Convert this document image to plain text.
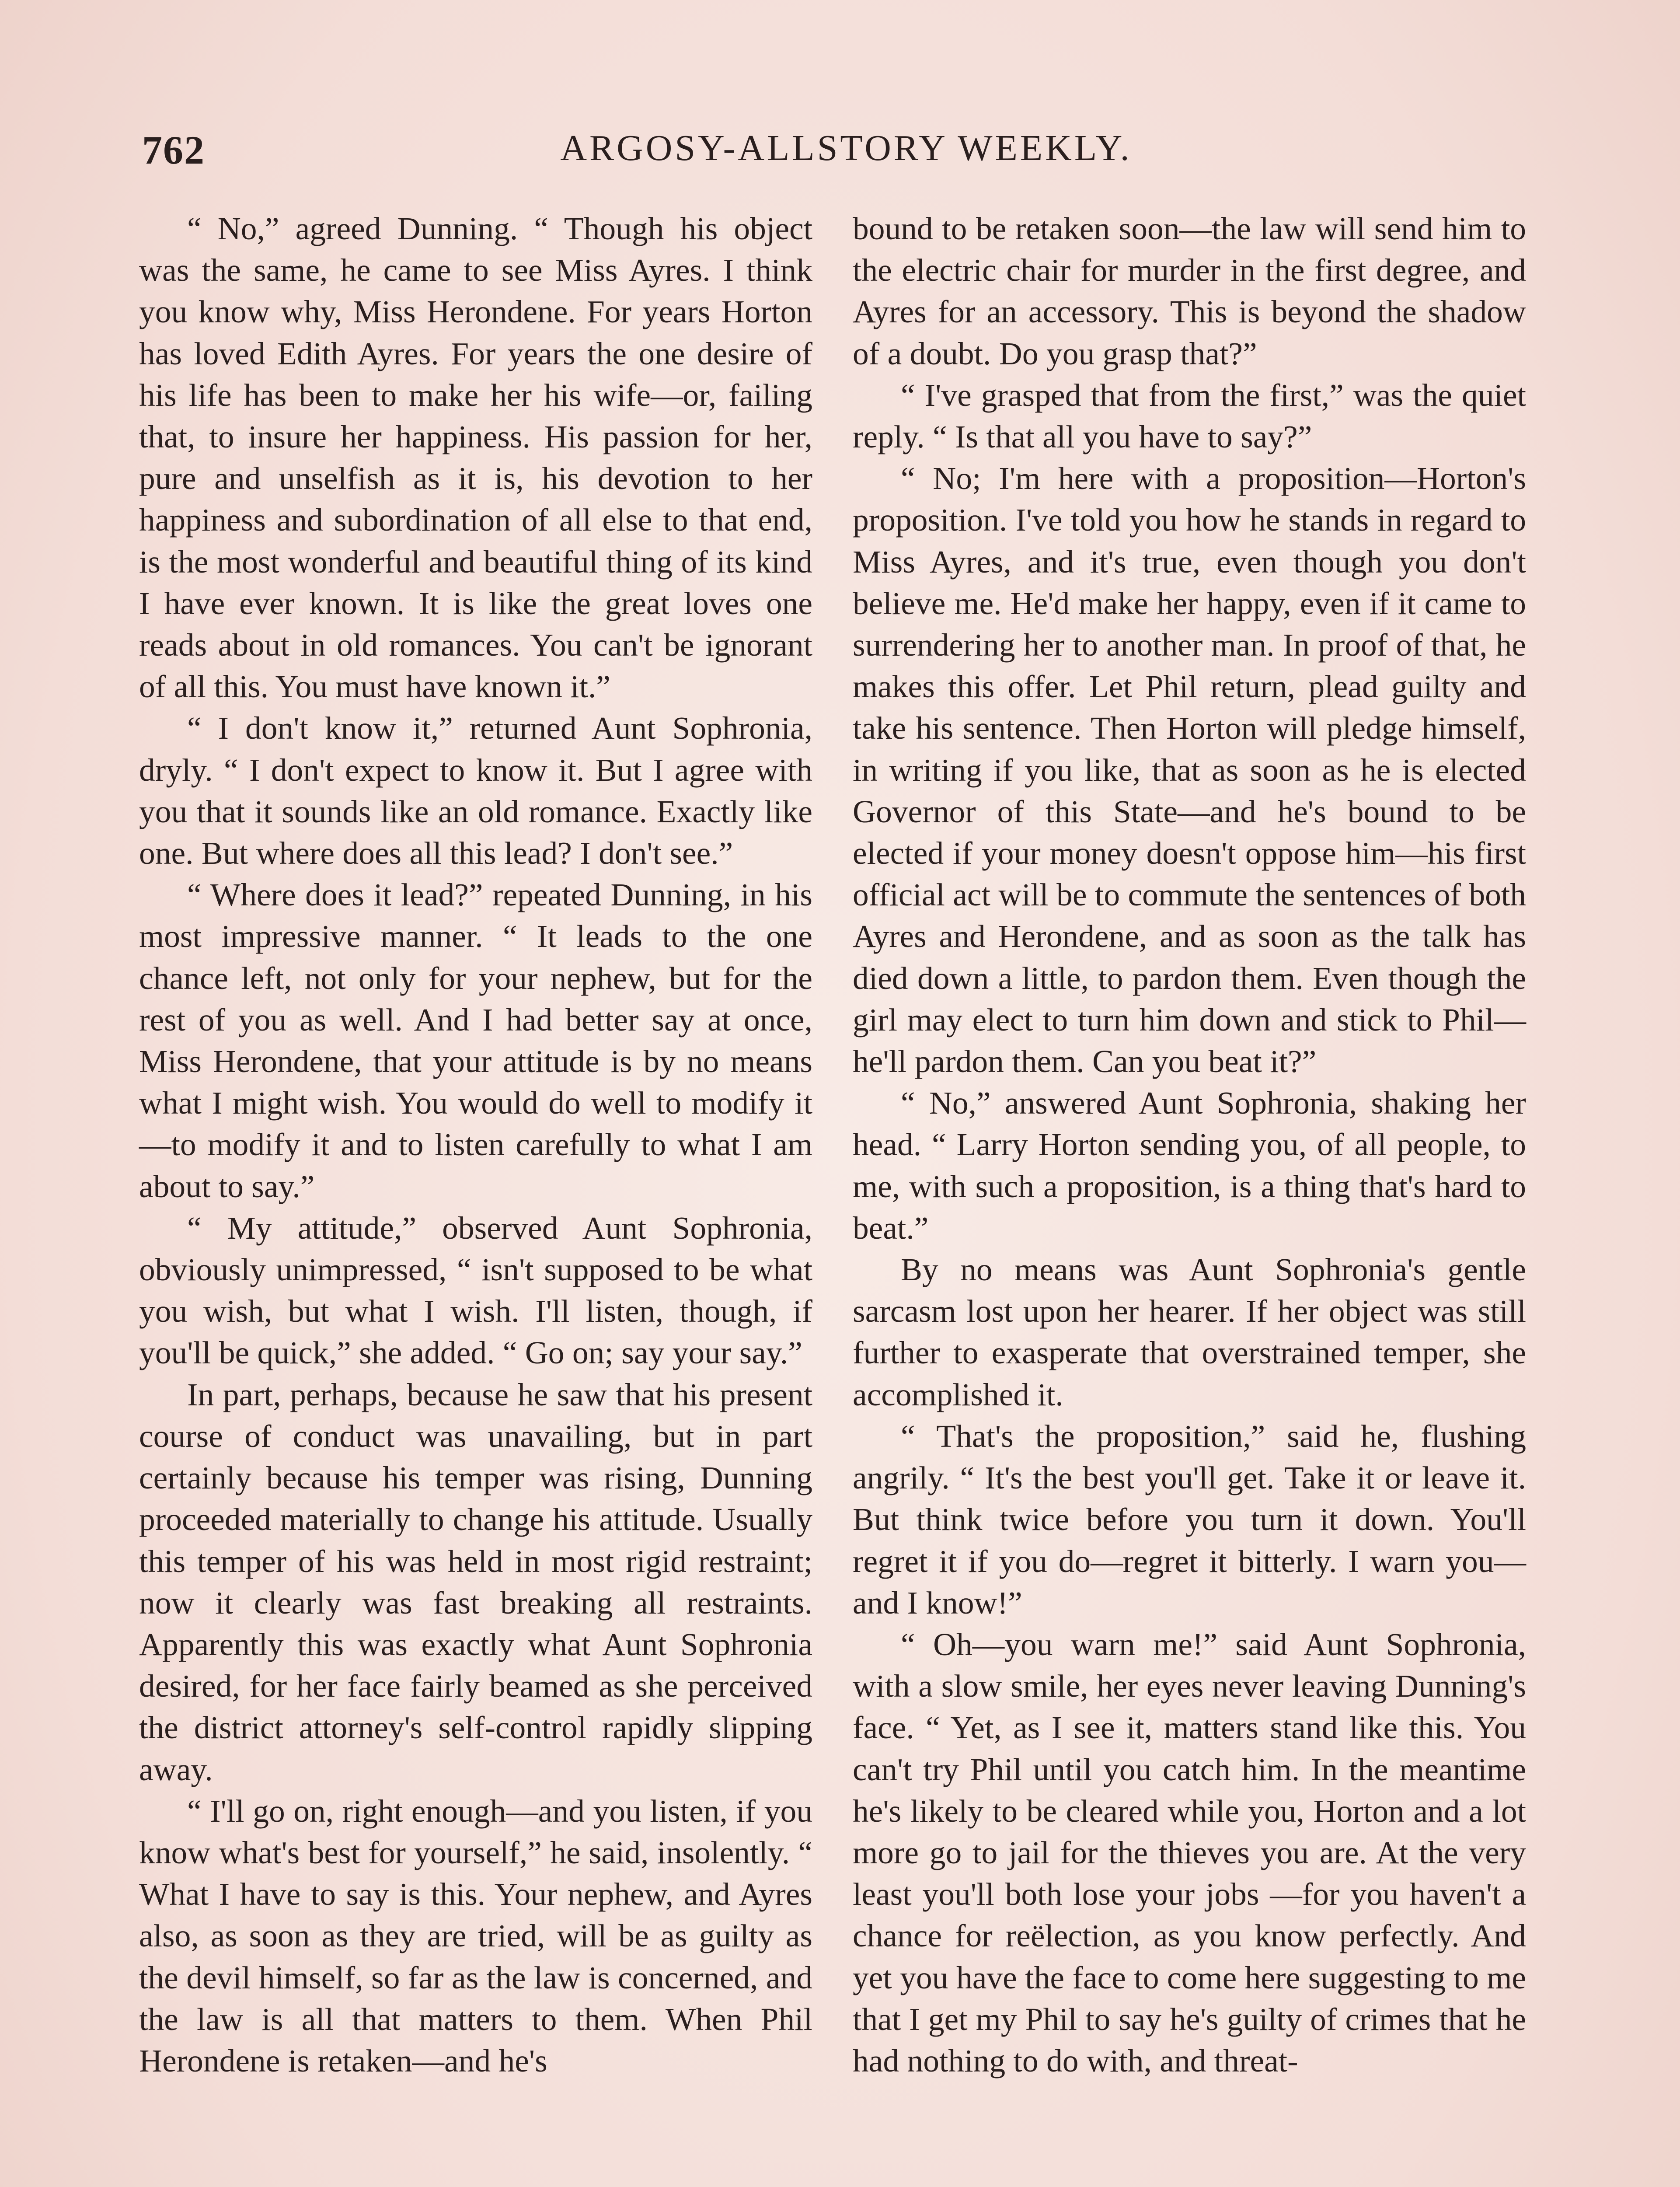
762	ARGOSY-ALLSTORY WEEKLY.

“ No,” agreed Dunning. “ Though his object was the same, he came to see Miss Ayres. I think you know why, Miss Herondene. For years Horton has loved Edith Ayres. For years the one desire of his life has been to make her his wife—or, failing that, to insure her happiness. His passion for her, pure and unselfish as it is, his devotion to her happiness and subordination of all else to that end, is the most wonderful and beautiful thing of its kind I have ever known. It is like the great loves one reads about in old romances. You can't be ignorant of all this. You must have known it.”

“ I don't know it,” returned Aunt Sophronia, dryly. “ I don't expect to know it. But I agree with you that it sounds like an old romance. Exactly like one. But where does all this lead? I don't see.”

“ Where does it lead?” repeated Dunning, in his most impressive manner. “ It leads to the one chance left, not only for your nephew, but for the rest of you as well. And I had better say at once, Miss Herondene, that your attitude is by no means what I might wish. You would do well to modify it—to modify it and to listen carefully to what I am about to say.”

“ My attitude,” observed Aunt Sophronia, obviously unimpressed, “ isn't supposed to be what you wish, but what I wish. I'll listen, though, if you'll be quick,” she added. “ Go on; say your say.”

In part, perhaps, because he saw that his present course of conduct was unavailing, but in part certainly because his temper was rising, Dunning proceeded materially to change his attitude. Usually this temper of his was held in most rigid restraint; now it clearly was fast breaking all restraints. Apparently this was exactly what Aunt Sophronia desired, for her face fairly beamed as she perceived the district attorney's self-control rapidly slipping away.

“ I'll go on, right enough—and you listen, if you know what's best for yourself,” he said, insolently. “ What I have to say is this. Your nephew, and Ayres also, as soon as they are tried, will be as guilty as the devil himself, so far as the law is concerned, and the law is all that matters to them. When Phil Herondene is retaken—and he's

bound to be retaken soon—the law will send him to the electric chair for murder in the first degree, and Ayres for an accessory. This is beyond the shadow of a doubt. Do you grasp that?”

“ I've grasped that from the first,” was the quiet reply. “ Is that all you have to say?”

“ No; I'm here with a proposition—Horton's proposition. I've told you how he stands in regard to Miss Ayres, and it's true, even though you don't believe me. He'd make her happy, even if it came to surrendering her to another man. In proof of that, he makes this offer. Let Phil return, plead guilty and take his sentence. Then Horton will pledge himself, in writing if you like, that as soon as he is elected Governor of this State—and he's bound to be elected if your money doesn't oppose him—his first official act will be to commute the sentences of both Ayres and Herondene, and as soon as the talk has died down a little, to pardon them. Even though the girl may elect to turn him down and stick to Phil—he'll pardon them. Can you beat it?”

“ No,” answered Aunt Sophronia, shaking her head. “ Larry Horton sending you, of all people, to me, with such a proposition, is a thing that's hard to beat.”

By no means was Aunt Sophronia's gentle sarcasm lost upon her hearer. If her object was still further to exasperate that overstrained temper, she accomplished it.

“ That's the proposition,” said he, flushing angrily. “ It's the best you'll get. Take it or leave it. But think twice before you turn it down. You'll regret it if you do—regret it bitterly. I warn you—and I know!”

“ Oh—you warn me!” said Aunt Sophronia, with a slow smile, her eyes never leaving Dunning's face. “ Yet, as I see it, matters stand like this. You can't try Phil until you catch him. In the meantime he's likely to be cleared while you, Horton and a lot more go to jail for the thieves you are. At the very least you'll both lose your jobs —for you haven't a chance for reëlection, as you know perfectly. And yet you have the face to come here suggesting to me that I get my Phil to say he's guilty of crimes that he had nothing to do with, and threat-
